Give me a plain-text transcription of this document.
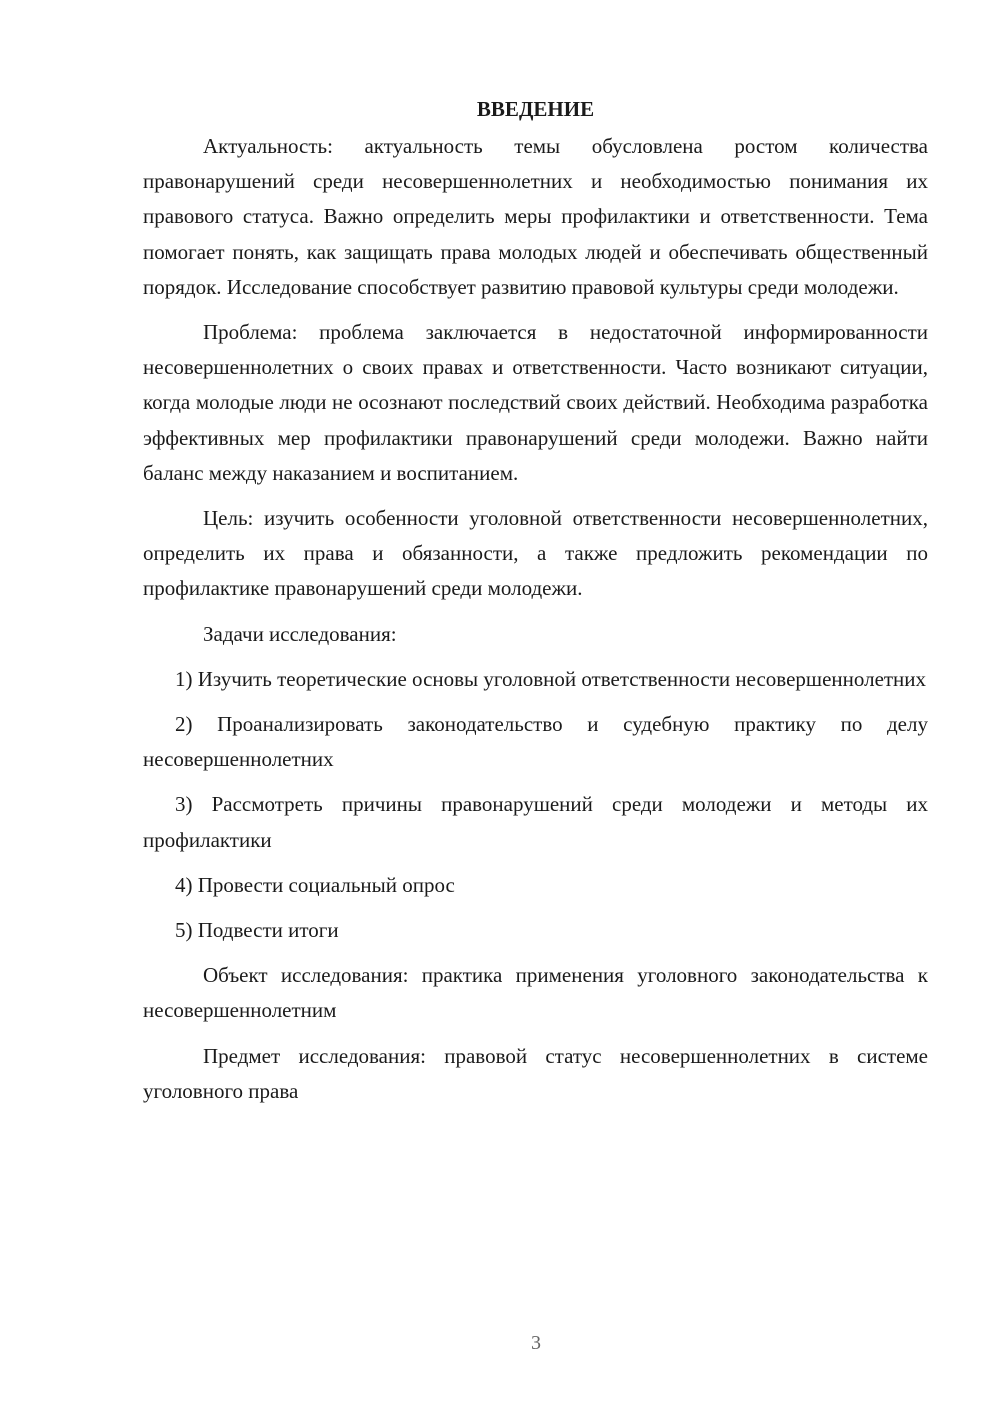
ВВЕДЕНИЕ

Актуальность: актуальность темы обусловлена ростом количества правонарушений среди несовершеннолетних и необходимостью понимания их правового статуса. Важно определить меры профилактики и ответственности. Тема помогает понять, как защищать права молодых людей и обеспечивать общественный порядок. Исследование способствует развитию правовой культуры среди молодежи.

Проблема: проблема заключается в недостаточной информированности несовершеннолетних о своих правах и ответственности. Часто возникают ситуации, когда молодые люди не осознают последствий своих действий. Необходима разработка эффективных мер профилактики правонарушений среди молодежи. Важно найти баланс между наказанием и воспитанием.

Цель: изучить особенности уголовной ответственности несовершеннолетних, определить их права и обязанности, а также предложить рекомендации по профилактике правонарушений среди молодежи.

Задачи исследования:

1) Изучить теоретические основы уголовной ответственности несовершеннолетних

2) Проанализировать законодательство и судебную практику по делу несовершеннолетних

3) Рассмотреть причины правонарушений среди молодежи и методы их профилактики

4) Провести социальный опрос

5) Подвести итоги

Объект исследования: практика применения уголовного законодательства к несовершеннолетним

Предмет исследования: правовой статус несовершеннолетних в системе уголовного права

3
